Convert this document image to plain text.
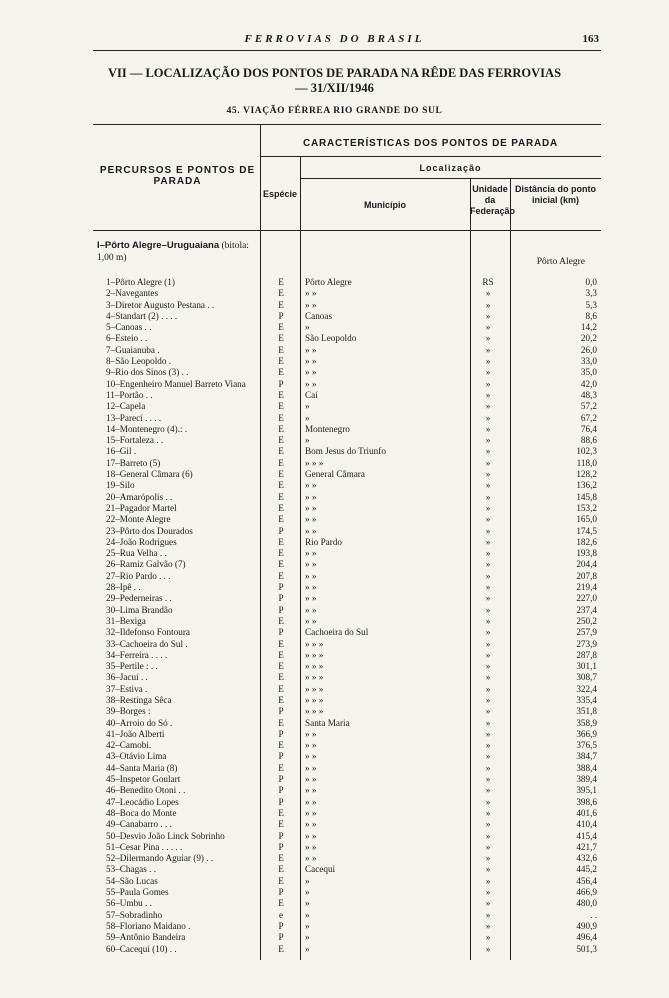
FERROVIAS DO BRASIL	163
VII — LOCALIZAÇÃO DOS PONTOS DE PARADA NA RÊDE DAS FERROVIAS
— 31/XII/1946
45. VIAÇÃO FÉRREA RIO GRANDE DO SUL
CARACTERÍSTICAS DOS PONTOS DE PARADA
PERCURSOS E PONTOS DE PARADA
Localização
Espécie
Município
Unidade da Federação
Distância do ponto inicial (km)
I–Pôrto Alegre–Uruguaiana (bitola: 1,00 m)	Pôrto Alegre
1–Pôrto Alegre (1)	E	Pôrto Alegre	RS	0,0
2–Navegantes	E	» »	»	3,3
3–Diretor Augusto Pestana . .	E	» »	»	5,3
4–Standart (2) . . . .	P	Canoas	»	8,6
5–Canoas . .	E	»	»	14,2
6–Esteio . .	E	São Leopoldo	»	20,2
7–Guaianuba .	E	» »	»	26,0
8–São Leopoldo .	E	» »	»	33,0
9–Rio dos Sinos (3) . .	E	» »	»	35,0
10–Engenheiro Manuel Barreto Viana	P	» »	»	42,0
11–Portão . .	E	Caí	»	48,3
12–Capela	E	»	»	57,2
13–Parecí . . . .	E	»	»	67,2
14–Montenegro (4).: .	E	Montenegro	»	76,4
15–Fortaleza . .	E	»	»	88,6
16–Gil .	E	Bom Jesus do Triunfo	»	102,3
17–Barreto (5)	E	» » »	»	118,0
18–General Câmara (6)	E	General Câmara	»	128,2
19–Silo	E	» »	»	136,2
20–Amarópolis . .	E	» »	»	145,8
21–Pagador Martel	E	» »	»	153,2
22–Monte Alegre	E	» »	»	165,0
23–Pôrto dos Dourados	P	» »	»	174,5
24–João Rodrigues	E	Rio Pardo	»	182,6
25–Rua Velha . .	E	» »	»	193,8
26–Ramiz Galvão (7)	E	» »	»	204,4
27–Rio Pardo . . .	E	» »	»	207,8
28–Ipê . .	P	» »	»	219,4
29–Pederneiras . .	P	» »	»	227,0
30–Lima Brandão	P	» »	»	237,4
31–Bexiga	E	» »	»	250,2
32–Ildefonso Fontoura	P	Cachoeira do Sul	»	257,9
33–Cachoeira do Sul .	E	» » »	»	273,9
34–Ferreira . . . .	E	» » »	»	287,8
35–Pertile : . .	E	» » »	»	301,1
36–Jacuí . .	E	» » »	»	308,7
37–Estiva .	E	» » »	»	322,4
38–Restinga Sêca	E	» » »	»	335,4
39–Borges :	P	» » »	»	351,8
40–Arroio do Só .	E	Santa Maria	»	358,9
41–João Alberti	P	» »	»	366,9
42–Camobi.	E	» »	»	376,5
43–Otávio Lima	P	» »	»	384,7
44–Santa Maria (8)	E	» »	»	388,4
45–Inspetor Goulart	P	» »	»	389,4
46–Benedito Otoni . .	P	» »	»	395,1
47–Leocádio Lopes	P	» »	»	398,6
48–Boca do Monte	E	» »	»	401,6
49–Canabarro . . .	E	» »	»	410,4
50–Desvio João Linck Sobrinho	P	» »	»	415,4
51–Cesar Pina . . . . .	P	» »	»	421,7
52–Dilermando Aguiar (9) . .	E	» »	»	432,6
53–Chagas . .	E	Cacequi	»	445,2
54–São Lucas	E	»	»	456,4
55–Paula Gomes	P	»	»	466,9
56–Umbu . .	E	»	»	480,0
57–Sobradinho	e	»	»	. .
58–Floriano Maidano .	P	»	»	490,9
59–Antônio Bandeira	P	»	»	496,4
60–Cacequi (10) . .	E	»	»	501,3
